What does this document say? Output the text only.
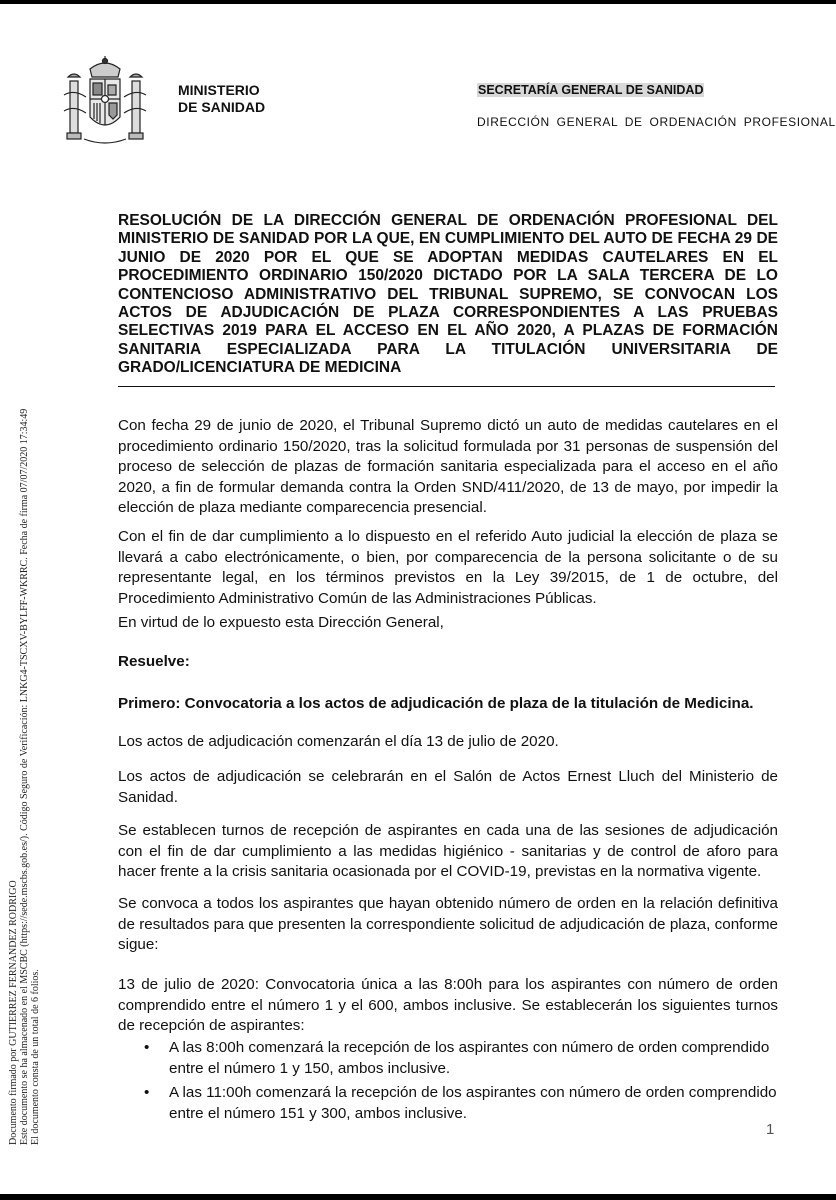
MINISTERIO
DE SANIDAD
SECRETARÍA GENERAL DE SANIDAD
DIRECCIÓN GENERAL DE ORDENACIÓN PROFESIONAL
Documento firmado por GUTIERREZ FERNANDEZ RODRIGO Este documento se ha almacenado en el MSCBC (https://sede.mscbs.gob.es/). Código Seguro de Verificación: LNKG4-TSCXV-BYLFF-WKRRC. Fecha de firma 07/07/2020 17:34:49 El documento consta de un total de 6 folios.
RESOLUCIÓN DE LA DIRECCIÓN GENERAL DE ORDENACIÓN PROFESIONAL DEL MINISTERIO DE SANIDAD POR LA QUE, EN CUMPLIMIENTO DEL AUTO DE FECHA 29 DE JUNIO DE 2020 POR EL QUE SE ADOPTAN MEDIDAS CAUTELARES EN EL PROCEDIMIENTO ORDINARIO 150/2020 DICTADO POR LA SALA TERCERA DE LO CONTENCIOSO ADMINISTRATIVO DEL TRIBUNAL SUPREMO, SE CONVOCAN LOS ACTOS DE ADJUDICACIÓN DE PLAZA CORRESPONDIENTES A LAS PRUEBAS SELECTIVAS 2019 PARA EL ACCESO EN EL AÑO 2020, A PLAZAS DE FORMACIÓN SANITARIA ESPECIALIZADA PARA LA TITULACIÓN UNIVERSITARIA DE GRADO/LICENCIATURA DE MEDICINA
Con fecha 29 de junio de 2020, el Tribunal Supremo dictó un auto de medidas cautelares en el procedimiento ordinario 150/2020, tras la solicitud formulada por 31 personas de suspensión del proceso de selección de plazas de formación sanitaria especializada para el acceso en el año 2020, a fin de formular demanda contra la Orden SND/411/2020, de 13 de mayo, por impedir la elección de plaza mediante comparecencia presencial.
Con el fin de dar cumplimiento a lo dispuesto en el referido Auto judicial la elección de plaza se llevará a cabo electrónicamente, o bien, por comparecencia de la persona solicitante o de su representante legal, en los términos previstos en la Ley 39/2015, de 1 de octubre, del Procedimiento Administrativo Común de las Administraciones Públicas.
En virtud de lo expuesto esta Dirección General,
Resuelve:
Primero: Convocatoria a los actos de adjudicación de plaza de la titulación de Medicina.
Los actos de adjudicación comenzarán el día 13 de julio de 2020.
Los actos de adjudicación se celebrarán en el Salón de Actos Ernest Lluch del Ministerio de Sanidad.
Se establecen turnos de recepción de aspirantes en cada una de las sesiones de adjudicación con el fin de dar cumplimiento a las medidas higiénico - sanitarias y de control de aforo para hacer frente a la crisis sanitaria ocasionada por el COVID-19, previstas en la normativa vigente.
Se convoca a todos los aspirantes que hayan obtenido número de orden en la relación definitiva de resultados para que presenten la correspondiente solicitud de adjudicación de plaza, conforme sigue:
13 de julio de 2020: Convocatoria única a las 8:00h para los aspirantes con número de orden comprendido entre el número 1 y el 600, ambos inclusive. Se establecerán los siguientes turnos de recepción de aspirantes:
• A las 8:00h comenzará la recepción de los aspirantes con número de orden comprendido entre el número 1 y 150, ambos inclusive.
• A las 11:00h comenzará la recepción de los aspirantes con número de orden comprendido entre el número 151 y 300, ambos inclusive.
1
